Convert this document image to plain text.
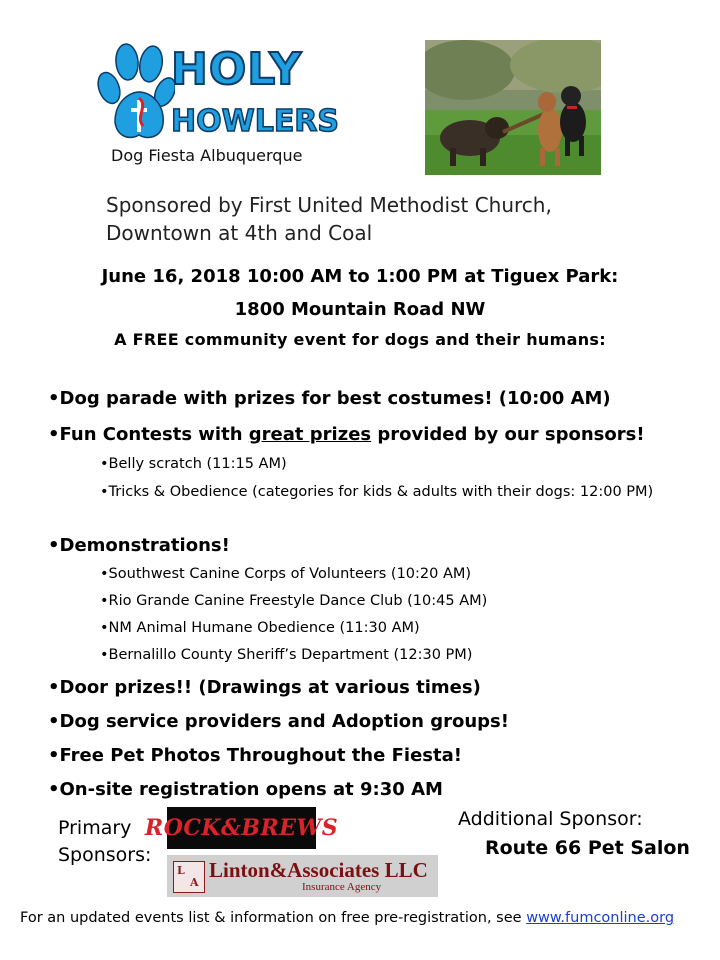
HOLY
HOWLERS
Dog Fiesta Albuquerque
Sponsored by First United Methodist Church,
Downtown at 4th and Coal
June 16, 2018 10:00 AM to 1:00 PM at Tiguex Park:
1800 Mountain Road NW
A FREE community event for dogs and their humans:
•Dog parade with prizes for best costumes! (10:00 AM)
•Fun Contests with great prizes provided by our sponsors!
•Belly scratch (11:15 AM)
•Tricks & Obedience (categories for kids & adults with their dogs: 12:00 PM)
•Demonstrations!
•Southwest Canine Corps of Volunteers (10:20 AM)
•Rio Grande Canine Freestyle Dance Club (10:45 AM)
•NM Animal Humane Obedience (11:30 AM)
•Bernalillo County Sheriff’s Department (12:30 PM)
•Door prizes!! (Drawings at various times)
•Dog service providers and Adoption groups!
•Free Pet Photos Throughout the Fiesta!
•On-site registration opens at 9:30 AM
Primary
Sponsors:
ROCK&BREWS
L
A
Linton&Associates LLC
Insurance Agency
Additional Sponsor:
Route 66 Pet Salon
For an updated events list & information on free pre-registration, see www.fumconline.org
